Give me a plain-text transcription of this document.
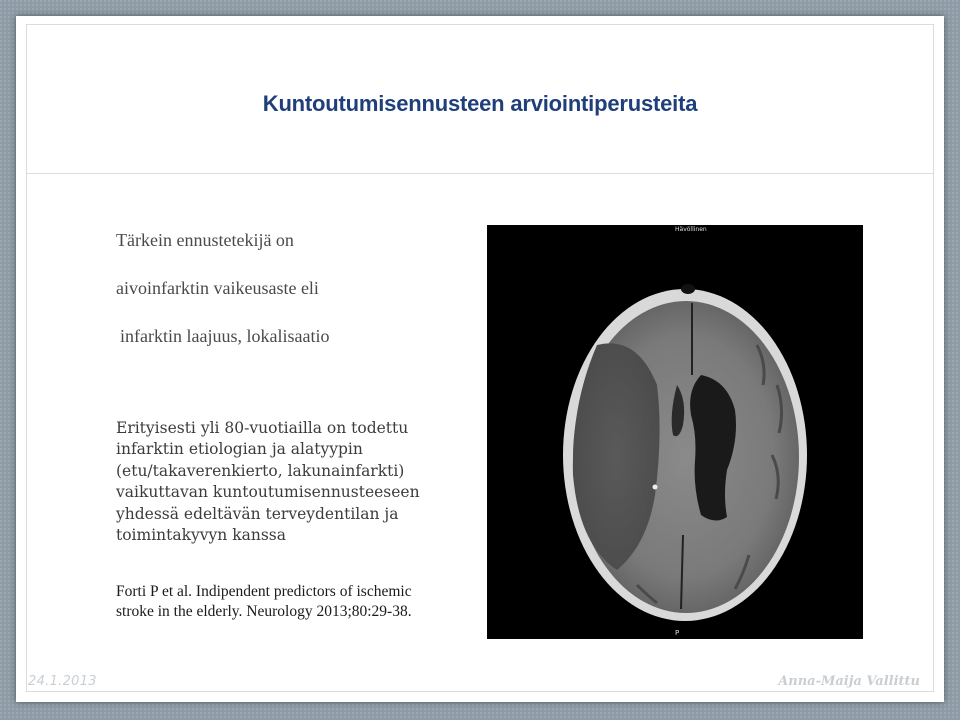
Kuntoutumisennusteen arviointiperusteita

Tärkein ennustetekijä on

aivoinfarktin vaikeusaste eli

infarktin laajuus, lokalisaatio

Erityisesti yli 80-vuotiailla on todettu
infarktin etiologian ja alatyypin
(etu/takaverenkierto, lakunainfarkti)
vaikuttavan kuntoutumisennusteeseen
yhdessä edeltävän terveydentilan ja
toimintakyvyn kanssa

Forti P et al. Indipendent predictors of ischemic
stroke in the elderly. Neurology 2013;80:29-38.

Hävöllinen
P
24.1.2013	Anna-Maija Vallittu
